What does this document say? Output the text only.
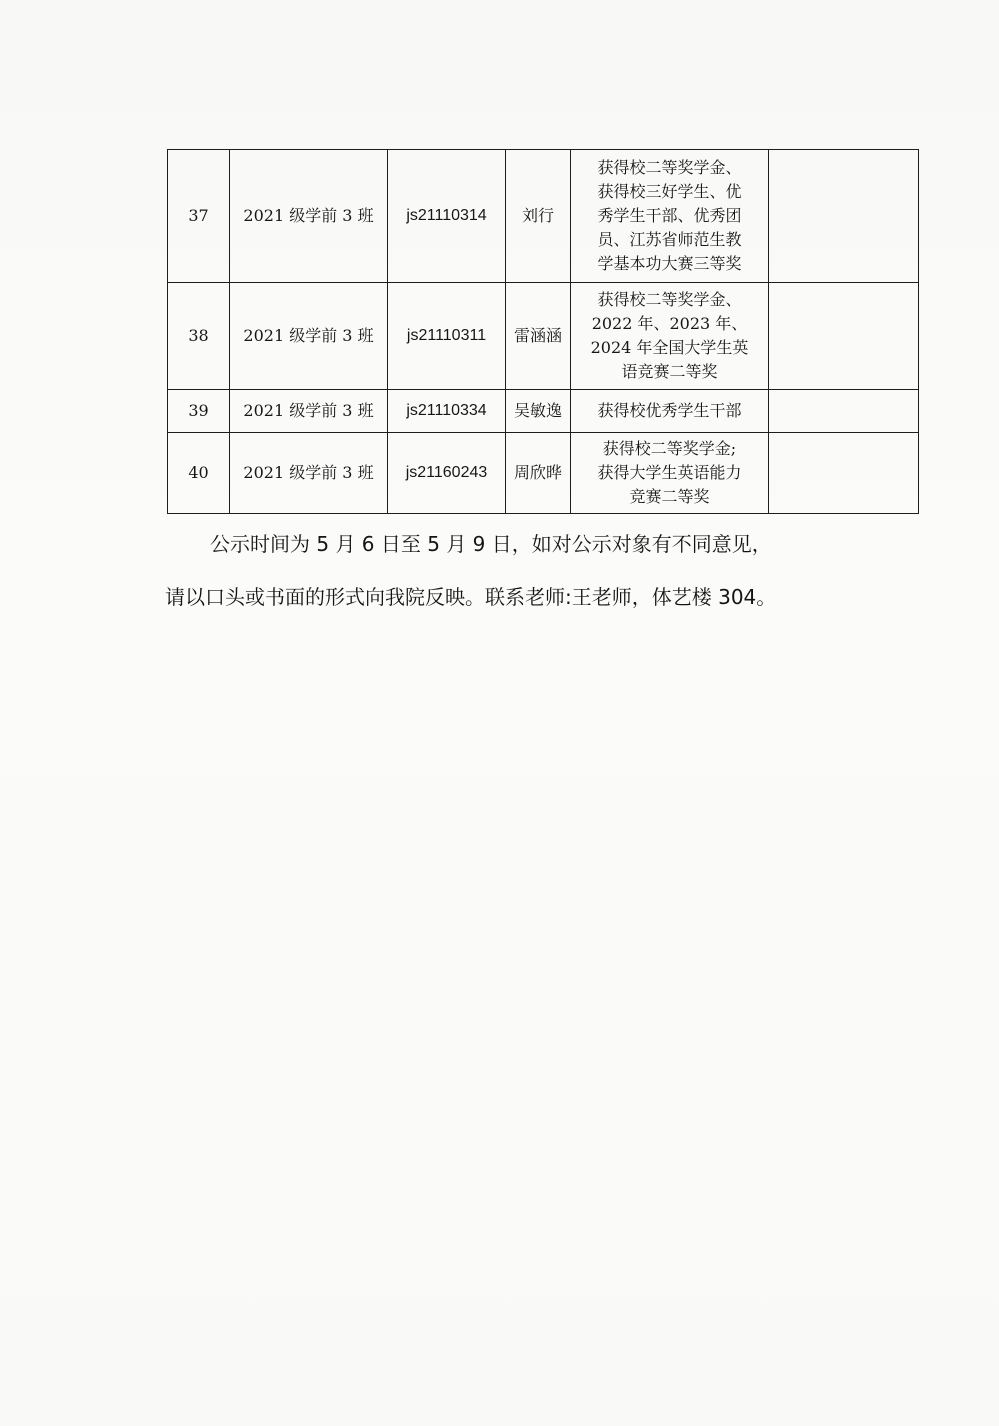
37	2021 级学前 3 班	js21110314	刘行	获得校二等奖学金、
获得校三好学生、优
秀学生干部、优秀团
员、江苏省师范生教
学基本功大赛三等奖	

38	2021 级学前 3 班	js21110311	雷涵涵	获得校二等奖学金、
2022 年、2023 年、
2024 年全国大学生英
语竞赛二等奖	

39	2021 级学前 3 班	js21110334	吴敏逸	获得校优秀学生干部	

40	2021 级学前 3 班	js21160243	周欣晔	获得校二等奖学金;
获得大学生英语能力
竞赛二等奖	

公示时间为 5 月 6 日至 5 月 9 日，如对公示对象有不同意见，
请以口头或书面的形式向我院反映。联系老师:王老师，体艺楼 304。
